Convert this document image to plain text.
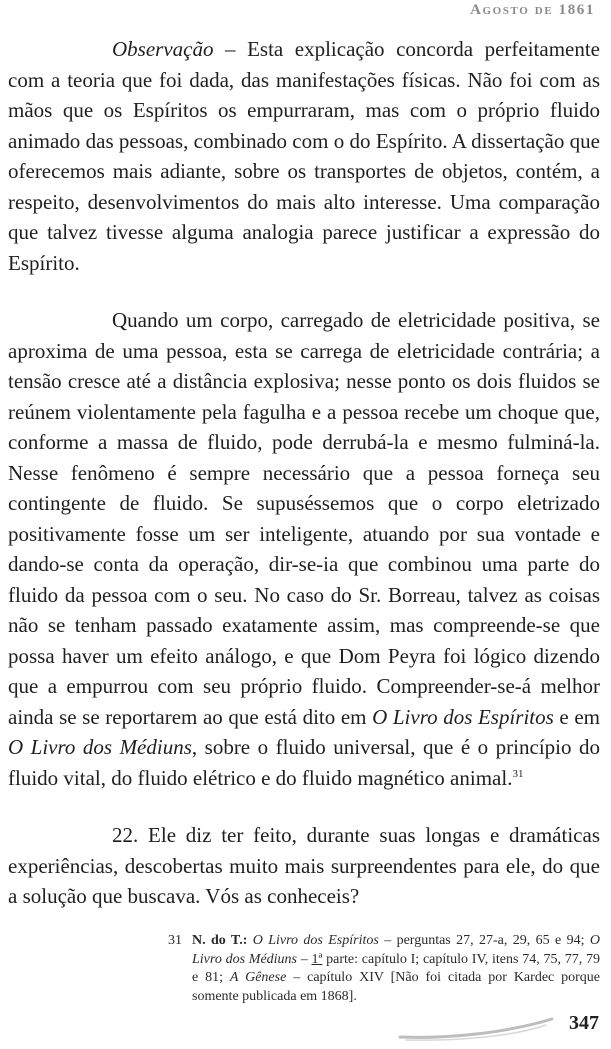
Agosto de 1861

Observação – Esta explicação concorda perfeitamente com a teoria que foi dada, das manifestações físicas. Não foi com as mãos que os Espíritos os empurraram, mas com o próprio fluido animado das pessoas, combinado com o do Espírito. A dissertação que oferecemos mais adiante, sobre os transportes de objetos, contém, a respeito, desenvolvimentos do mais alto interesse. Uma comparação que talvez tivesse alguma analogia parece justificar a expressão do Espírito.

Quando um corpo, carregado de eletricidade positiva, se aproxima de uma pessoa, esta se carrega de eletricidade contrária; a tensão cresce até a distância explosiva; nesse ponto os dois fluidos se reúnem violentamente pela fagulha e a pessoa recebe um choque que, conforme a massa de fluido, pode derrubá-la e mesmo fulminá-la. Nesse fenômeno é sempre necessário que a pessoa forneça seu contingente de fluido. Se supuséssemos que o corpo eletrizado positivamente fosse um ser inteligente, atuando por sua vontade e dando-se conta da operação, dir-se-ia que combinou uma parte do fluido da pessoa com o seu. No caso do Sr. Borreau, talvez as coisas não se tenham passado exatamente assim, mas compreende-se que possa haver um efeito análogo, e que Dom Peyra foi lógico dizendo que a empurrou com seu próprio fluido. Compreender-se-á melhor ainda se se reportarem ao que está dito em O Livro dos Espíritos e em O Livro dos Médiuns, sobre o fluido universal, que é o princípio do fluido vital, do fluido elétrico e do fluido magnético animal.$^{31}$

22. Ele diz ter feito, durante suas longas e dramáticas experiências, descobertas muito mais surpreendentes para ele, do que a solução que buscava. Vós as conheceis?

31 N. do T.: O Livro dos Espíritos – perguntas 27, 27-a, 29, 65 e 94; O Livro dos Médiuns – 1ª parte: capítulo I; capítulo IV, itens 74, 75, 77, 79 e 81; A Gênese – capítulo XIV [Não foi citada por Kardec porque somente publicada em 1868].
347
